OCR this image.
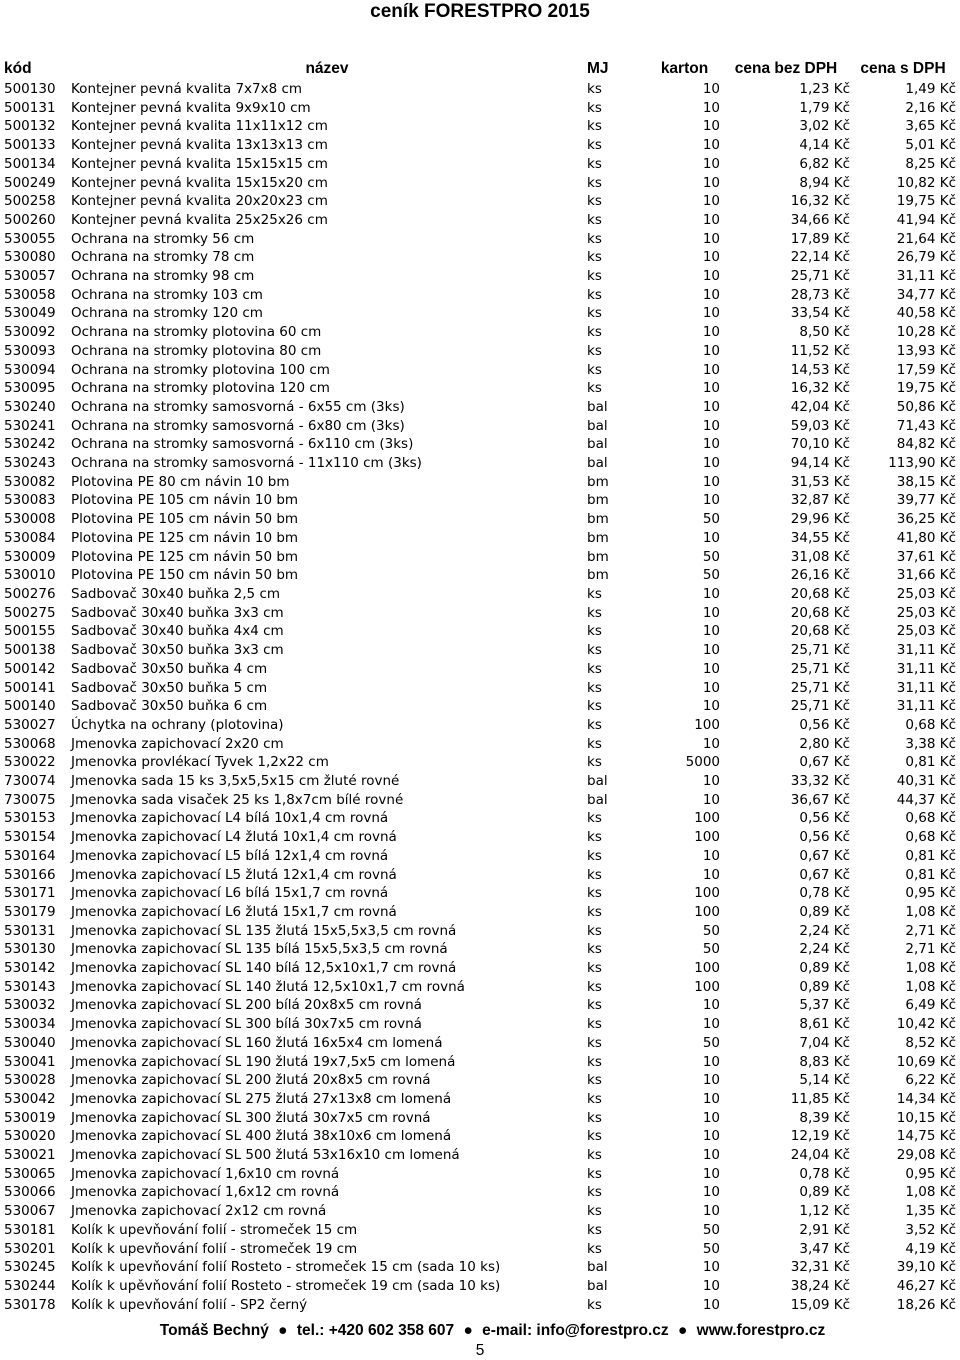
ceník FORESTPRO 2015
kód	název	MJ	karton	cena bez DPH	cena s DPH
500130	Kontejner pevná kvalita 7x7x8 cm	ks	10	1,23 Kč	1,49 Kč
500131	Kontejner pevná kvalita 9x9x10 cm	ks	10	1,79 Kč	2,16 Kč
500132	Kontejner pevná kvalita 11x11x12 cm	ks	10	3,02 Kč	3,65 Kč
500133	Kontejner pevná kvalita 13x13x13 cm	ks	10	4,14 Kč	5,01 Kč
500134	Kontejner pevná kvalita 15x15x15 cm	ks	10	6,82 Kč	8,25 Kč
500249	Kontejner pevná kvalita 15x15x20 cm	ks	10	8,94 Kč	10,82 Kč
500258	Kontejner pevná kvalita 20x20x23 cm	ks	10	16,32 Kč	19,75 Kč
500260	Kontejner pevná kvalita 25x25x26 cm	ks	10	34,66 Kč	41,94 Kč
530055	Ochrana na stromky 56 cm	ks	10	17,89 Kč	21,64 Kč
530080	Ochrana na stromky 78 cm	ks	10	22,14 Kč	26,79 Kč
530057	Ochrana na stromky 98 cm	ks	10	25,71 Kč	31,11 Kč
530058	Ochrana na stromky 103 cm	ks	10	28,73 Kč	34,77 Kč
530049	Ochrana na stromky 120 cm	ks	10	33,54 Kč	40,58 Kč
530092	Ochrana na stromky plotovina 60 cm	ks	10	8,50 Kč	10,28 Kč
530093	Ochrana na stromky plotovina 80 cm	ks	10	11,52 Kč	13,93 Kč
530094	Ochrana na stromky plotovina 100 cm	ks	10	14,53 Kč	17,59 Kč
530095	Ochrana na stromky plotovina 120 cm	ks	10	16,32 Kč	19,75 Kč
530240	Ochrana na stromky samosvorná - 6x55 cm (3ks)	bal	10	42,04 Kč	50,86 Kč
530241	Ochrana na stromky samosvorná - 6x80 cm (3ks)	bal	10	59,03 Kč	71,43 Kč
530242	Ochrana na stromky samosvorná - 6x110 cm (3ks)	bal	10	70,10 Kč	84,82 Kč
530243	Ochrana na stromky samosvorná - 11x110 cm (3ks)	bal	10	94,14 Kč	113,90 Kč
530082	Plotovina PE 80 cm návin 10 bm	bm	10	31,53 Kč	38,15 Kč
530083	Plotovina PE 105 cm návin 10 bm	bm	10	32,87 Kč	39,77 Kč
530008	Plotovina PE 105 cm návin 50 bm	bm	50	29,96 Kč	36,25 Kč
530084	Plotovina PE 125 cm návin 10 bm	bm	10	34,55 Kč	41,80 Kč
530009	Plotovina PE 125 cm návin 50 bm	bm	50	31,08 Kč	37,61 Kč
530010	Plotovina PE 150 cm návin 50 bm	bm	50	26,16 Kč	31,66 Kč
500276	Sadbovač 30x40 buňka 2,5 cm	ks	10	20,68 Kč	25,03 Kč
500275	Sadbovač 30x40 buňka 3x3 cm	ks	10	20,68 Kč	25,03 Kč
500155	Sadbovač 30x40 buňka 4x4 cm	ks	10	20,68 Kč	25,03 Kč
500138	Sadbovač 30x50 buňka 3x3 cm	ks	10	25,71 Kč	31,11 Kč
500142	Sadbovač 30x50 buňka 4 cm	ks	10	25,71 Kč	31,11 Kč
500141	Sadbovač 30x50 buňka 5 cm	ks	10	25,71 Kč	31,11 Kč
500140	Sadbovač 30x50 buňka 6 cm	ks	10	25,71 Kč	31,11 Kč
530027	Úchytka na ochrany (plotovina)	ks	100	0,56 Kč	0,68 Kč
530068	Jmenovka zapichovací 2x20 cm	ks	10	2,80 Kč	3,38 Kč
530022	Jmenovka provlékací Tyvek 1,2x22 cm	ks	5000	0,67 Kč	0,81 Kč
730074	Jmenovka sada 15 ks 3,5x5,5x15 cm žluté rovné	bal	10	33,32 Kč	40,31 Kč
730075	Jmenovka sada visaček 25 ks 1,8x7cm bílé rovné	bal	10	36,67 Kč	44,37 Kč
530153	Jmenovka zapichovací L4 bílá 10x1,4 cm rovná	ks	100	0,56 Kč	0,68 Kč
530154	Jmenovka zapichovací L4 žlutá 10x1,4 cm rovná	ks	100	0,56 Kč	0,68 Kč
530164	Jmenovka zapichovací L5 bílá 12x1,4 cm rovná	ks	10	0,67 Kč	0,81 Kč
530166	Jmenovka zapichovací L5 žlutá 12x1,4 cm rovná	ks	10	0,67 Kč	0,81 Kč
530171	Jmenovka zapichovací L6 bílá 15x1,7 cm rovná	ks	100	0,78 Kč	0,95 Kč
530179	Jmenovka zapichovací L6 žlutá 15x1,7 cm rovná	ks	100	0,89 Kč	1,08 Kč
530131	Jmenovka zapichovací SL 135 žlutá 15x5,5x3,5 cm rovná	ks	50	2,24 Kč	2,71 Kč
530130	Jmenovka zapichovací SL 135 bílá 15x5,5x3,5 cm rovná	ks	50	2,24 Kč	2,71 Kč
530142	Jmenovka zapichovací SL 140 bílá 12,5x10x1,7 cm rovná	ks	100	0,89 Kč	1,08 Kč
530143	Jmenovka zapichovací SL 140 žlutá 12,5x10x1,7 cm rovná	ks	100	0,89 Kč	1,08 Kč
530032	Jmenovka zapichovací SL 200 bílá 20x8x5 cm rovná	ks	10	5,37 Kč	6,49 Kč
530034	Jmenovka zapichovací SL 300 bílá 30x7x5 cm rovná	ks	10	8,61 Kč	10,42 Kč
530040	Jmenovka zapichovací SL 160 žlutá 16x5x4 cm lomená	ks	50	7,04 Kč	8,52 Kč
530041	Jmenovka zapichovací SL 190 žlutá 19x7,5x5 cm lomená	ks	10	8,83 Kč	10,69 Kč
530028	Jmenovka zapichovací SL 200 žlutá 20x8x5 cm rovná	ks	10	5,14 Kč	6,22 Kč
530042	Jmenovka zapichovací SL 275 žlutá 27x13x8 cm lomená	ks	10	11,85 Kč	14,34 Kč
530019	Jmenovka zapichovací SL 300 žlutá 30x7x5 cm rovná	ks	10	8,39 Kč	10,15 Kč
530020	Jmenovka zapichovací SL 400 žlutá 38x10x6 cm lomená	ks	10	12,19 Kč	14,75 Kč
530021	Jmenovka zapichovací SL 500 žlutá 53x16x10 cm lomená	ks	10	24,04 Kč	29,08 Kč
530065	Jmenovka zapichovací 1,6x10 cm rovná	ks	10	0,78 Kč	0,95 Kč
530066	Jmenovka zapichovací 1,6x12 cm rovná	ks	10	0,89 Kč	1,08 Kč
530067	Jmenovka zapichovací 2x12 cm rovná	ks	10	1,12 Kč	1,35 Kč
530181	Kolík k upevňování folií - stromeček 15 cm	ks	50	2,91 Kč	3,52 Kč
530201	Kolík k upevňování folií - stromeček 19 cm	ks	50	3,47 Kč	4,19 Kč
530245	Kolík k upevňování folií Rosteto - stromeček 15 cm (sada 10 ks)	bal	10	32,31 Kč	39,10 Kč
530244	Kolík k upěvňování folií Rosteto - stromeček 19 cm (sada 10 ks)	bal	10	38,24 Kč	46,27 Kč
530178	Kolík k upevňování folií - SP2 černý	ks	10	15,09 Kč	18,26 Kč
Tomáš Bechný ● tel.: +420 602 358 607 ● e-mail: info@forestpro.cz ● www.forestpro.cz
5
